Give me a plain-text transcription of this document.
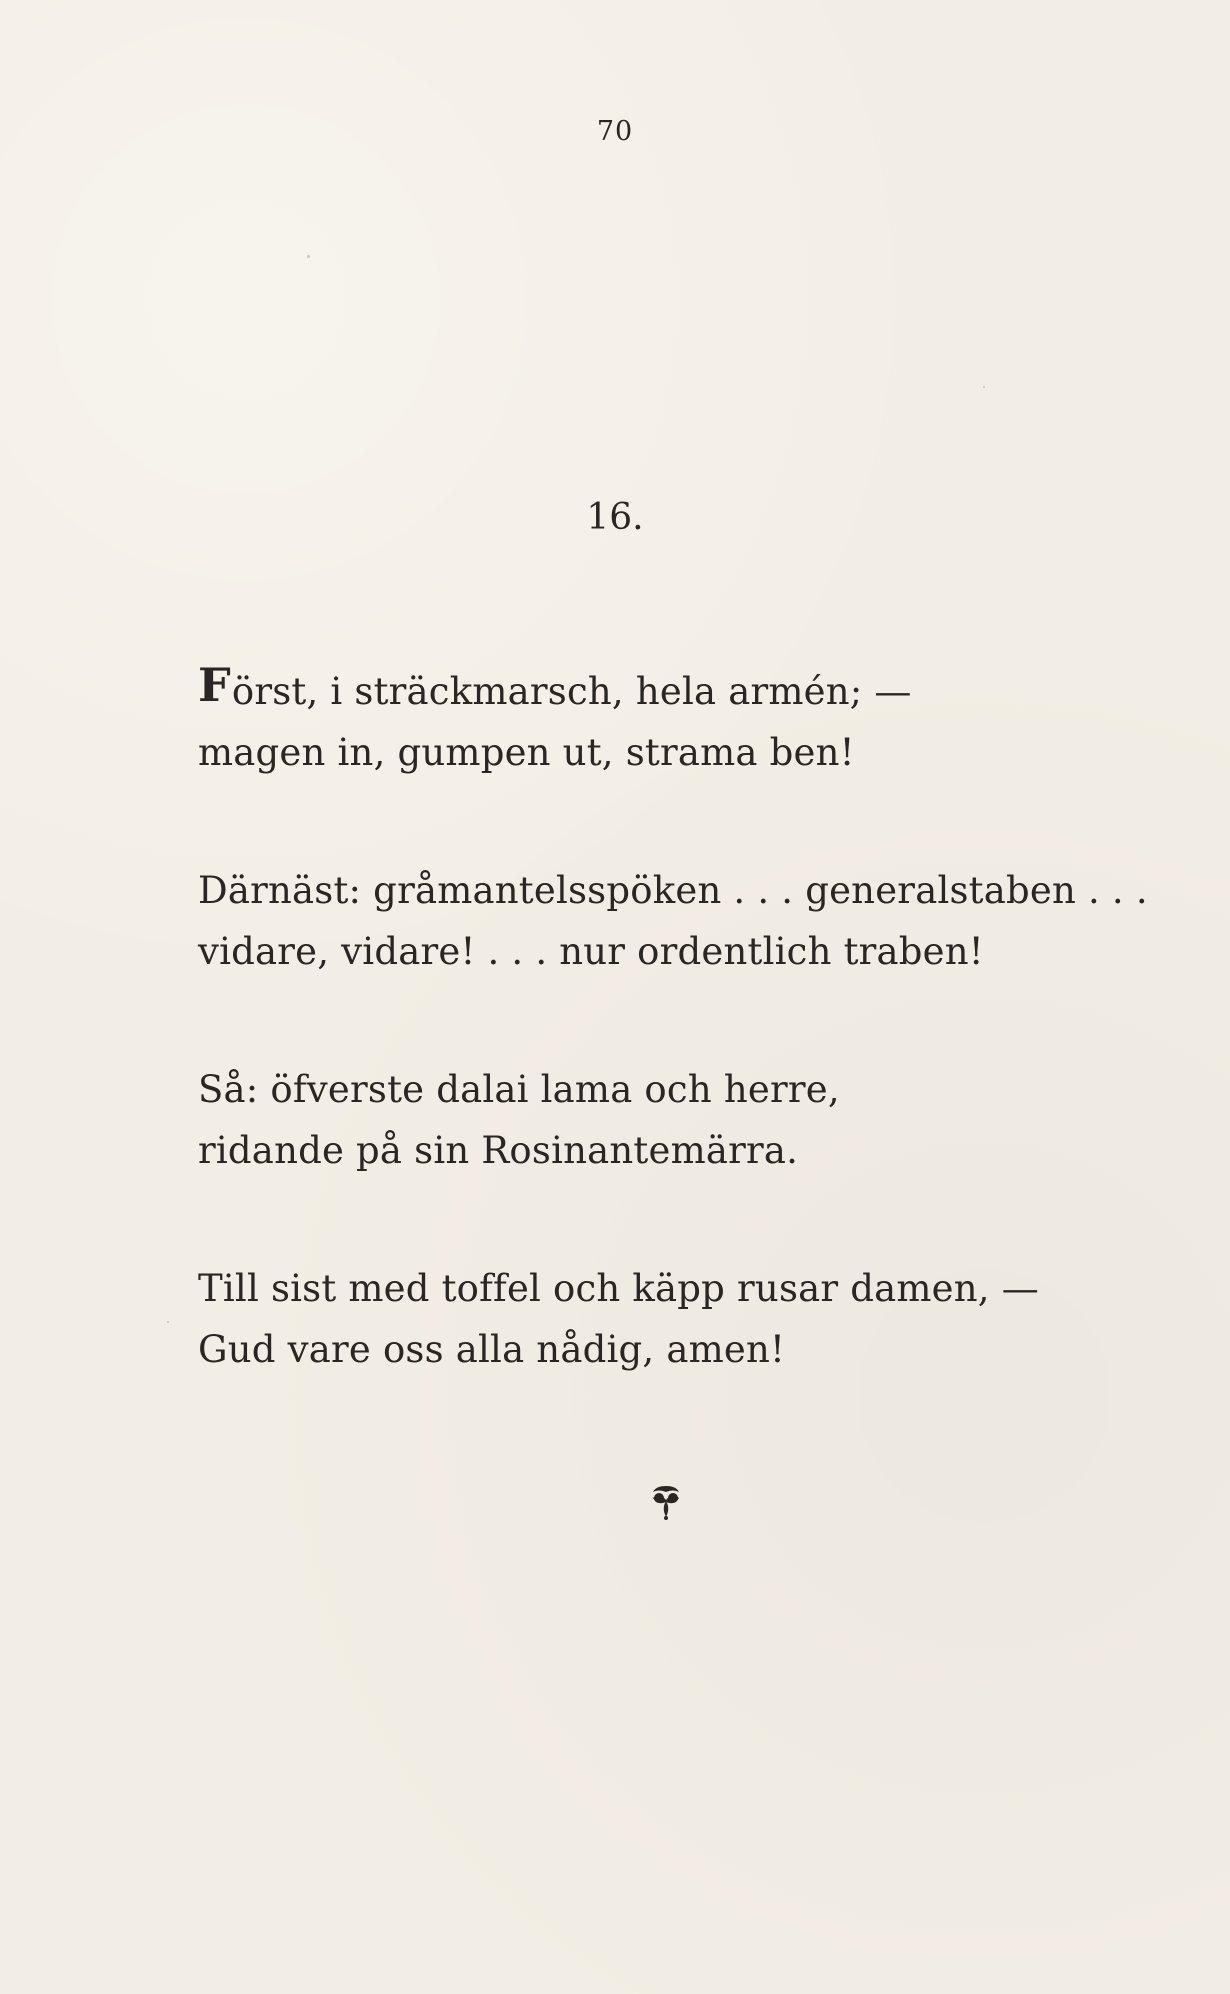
70
16.
Först, i sträckmarsch, hela armén; —
magen in, gumpen ut, strama ben!
Därnäst: gråmantelsspöken . . . generalstaben . . .
vidare, vidare! . . . nur ordentlich traben!
Så: öfverste dalai lama och herre,
ridande på sin Rosinantemärra.
Till sist med toffel och käpp rusar damen, —
Gud vare oss alla nådig, amen!
